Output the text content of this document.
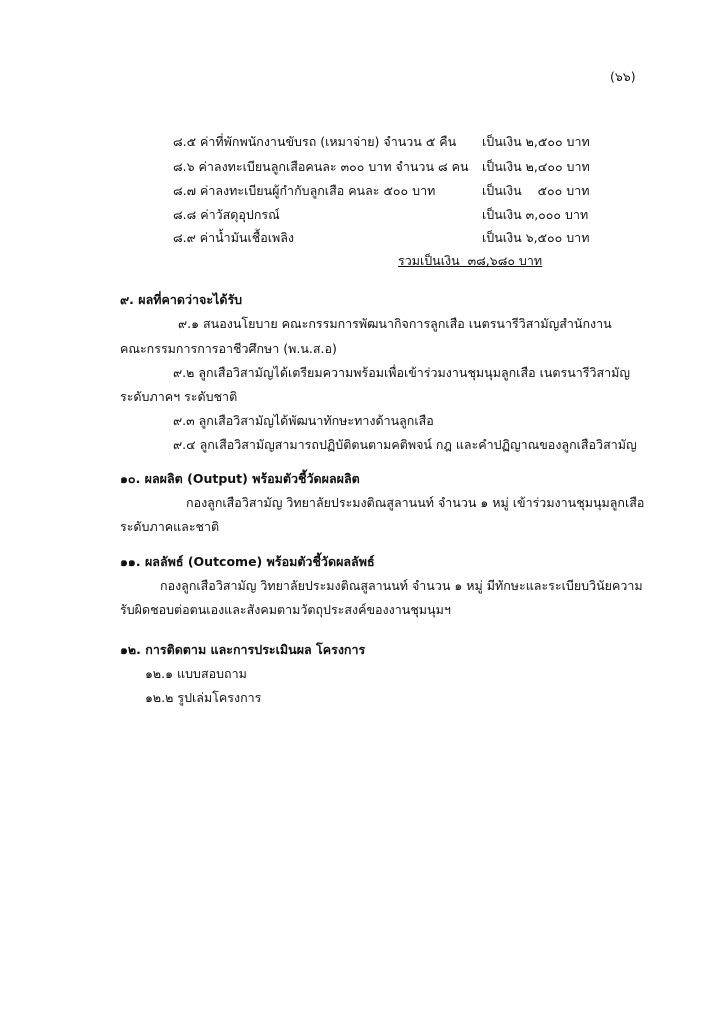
(๖๖)
๘.๕ ค่าที่พักพนักงานขับรถ (เหมาจ่าย) จำนวน ๕ คืน เป็นเงิน ๒,๕๐๐ บาท
๘.๖ ค่าลงทะเบียนลูกเสือคนละ ๓๐๐ บาท จำนวน ๘ คน เป็นเงิน ๒,๔๐๐ บาท
๘.๗ ค่าลงทะเบียนผู้กำกับลูกเสือ คนละ ๕๐๐ บาท	เป็นเงิน    ๕๐๐ บาท
๘.๘ ค่าวัสดุอุปกรณ์	เป็นเงิน ๓,๐๐๐ บาท
๘.๙ ค่าน้ำมันเชื้อเพลิง	เป็นเงิน ๖,๕๐๐ บาท
รวมเป็นเงิน  ๓๘,๖๘๐ บาท
๙. ผลที่คาดว่าจะได้รับ
๙.๑ สนองนโยบาย คณะกรรมการพัฒนากิจการลูกเสือ เนตรนารีวิสามัญสำนักงาน
คณะกรรมการการอาชีวศึกษา (พ.น.ส.อ)
๙.๒ ลูกเสือวิสามัญได้เตรียมความพร้อมเพื่อเข้าร่วมงานชุมนุมลูกเสือ เนตรนารีวิสามัญ
ระดับภาคฯ ระดับชาติ
๙.๓ ลูกเสือวิสามัญได้พัฒนาทักษะทางด้านลูกเสือ
๙.๔ ลูกเสือวิสามัญสามารถปฏิบัติตนตามคติพจน์ กฎ และคำปฏิญาณของลูกเสือวิสามัญ
๑๐. ผลผลิต (Output) พร้อมตัวชี้วัดผลผลิต
กองลูกเสือวิสามัญ วิทยาลัยประมงติณสูลานนท์ จำนวน ๑ หมู่ เข้าร่วมงานชุมนุมลูกเสือ
ระดับภาคและชาติ
๑๑. ผลลัพธ์ (Outcome) พร้อมตัวชี้วัดผลลัพธ์
กองลูกเสือวิสามัญ วิทยาลัยประมงติณสูลานนท์ จำนวน ๑ หมู่ มีทักษะและระเบียบวินัยความ
รับผิดชอบต่อตนเองและสังคมตามวัตถุประสงค์ของงานชุมนุมฯ
๑๒. การติดตาม และการประเมินผล โครงการ
๑๒.๑ แบบสอบถาม
๑๒.๒ รูปเล่มโครงการ
